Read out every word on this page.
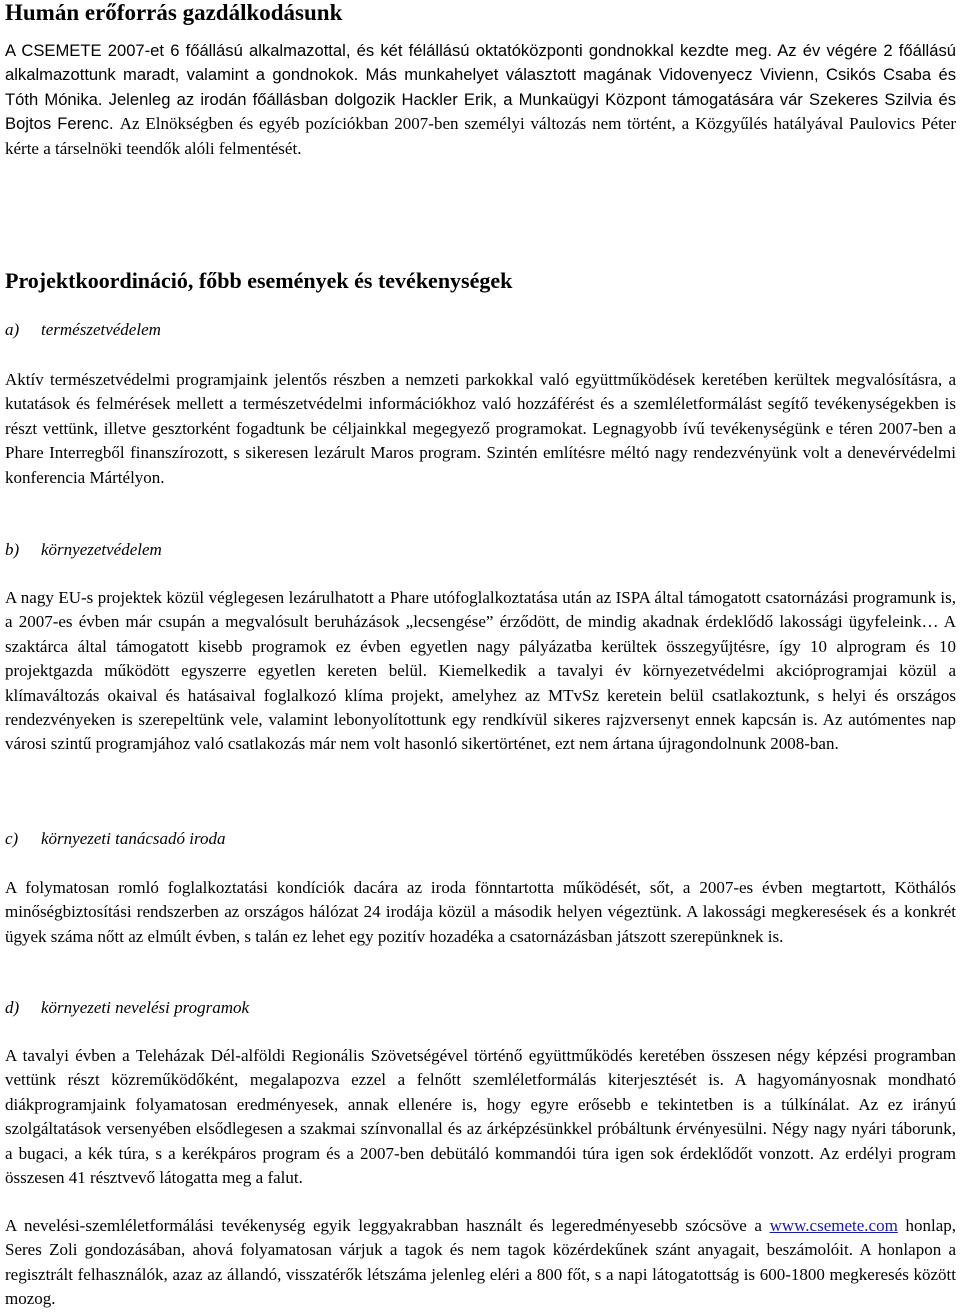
Humán erőforrás gazdálkodásunk

A CSEMETE 2007-et 6 főállású alkalmazottal, és két félállású oktatóközponti gondnokkal kezdte meg. Az év végére 2 főállású alkalmazottunk maradt, valamint a gondnokok. Más munkahelyet választott magának Vidovenyecz Vivienn, Csikós Csaba és Tóth Mónika. Jelenleg az irodán főállásban dolgozik Hackler Erik, a Munkaügyi Központ támogatására vár Szekeres Szilvia és Bojtos Ferenc. Az Elnökségben és egyéb pozíciókban 2007-ben személyi változás nem történt, a Közgyűlés hatályával Paulovics Péter kérte a társelnöki teendők alóli felmentését.

Projektkoordináció, főbb események és tevékenységek
a) természetvédelem

Aktív természetvédelmi programjaink jelentős részben a nemzeti parkokkal való együttműködések keretében kerültek megvalósításra, a kutatások és felmérések mellett a természetvédelmi információkhoz való hozzáférést és a szemléletformálást segítő tevékenységekben is részt vettünk, illetve gesztorként fogadtunk be céljainkkal megegyező programokat. Legnagyobb ívű tevékenységünk e téren 2007-ben a Phare Interregből finanszírozott, s sikeresen lezárult Maros program. Szintén említésre méltó nagy rendezvényünk volt a denevérvédelmi konferencia Mártélyon.

b) környezetvédelem

A nagy EU-s projektek közül véglegesen lezárulhatott a Phare utófoglalkoztatása után az ISPA által támogatott csatornázási programunk is, a 2007-es évben már csupán a megvalósult beruházások „lecsengése” érződött, de mindig akadnak érdeklődő lakossági ügyfeleink… A szaktárca által támogatott kisebb programok ez évben egyetlen nagy pályázatba kerültek összegyűjtésre, így 10 alprogram és 10 projektgazda működött egyszerre egyetlen kereten belül. Kiemelkedik a tavalyi év környezetvédelmi akcióprogramjai közül a klímaváltozás okaival és hatásaival foglalkozó klíma projekt, amelyhez az MTvSz keretein belül csatlakoztunk, s helyi és országos rendezvényeken is szerepeltünk vele, valamint lebonyolítottunk egy rendkívül sikeres rajzversenyt ennek kapcsán is. Az autómentes nap városi szintű programjához való csatlakozás már nem volt hasonló sikertörténet, ezt nem ártana újragondolnunk 2008-ban.

c) környezeti tanácsadó iroda

A folymatosan romló foglalkoztatási kondíciók dacára az iroda fönntartotta működését, sőt, a 2007-es évben megtartott, Köthálós minőségbiztosítási rendszerben az országos hálózat 24 irodája közül a második helyen végeztünk. A lakossági megkeresések és a konkrét ügyek száma nőtt az elmúlt évben, s talán ez lehet egy pozitív hozadéka a csatornázásban játszott szerepünknek is.

d) környezeti nevelési programok

A tavalyi évben a Teleházak Dél-alföldi Regionális Szövetségével történő együttműködés keretében összesen négy képzési programban vettünk részt közreműködőként, megalapozva ezzel a felnőtt szemléletformálás kiterjesztését is. A hagyományosnak mondható diákprogramjaink folyamatosan eredményesek, annak ellenére is, hogy egyre erősebb e tekintetben is a túlkínálat. Az ez irányú szolgáltatások versenyében elsődlegesen a szakmai színvonallal és az árképzésünkkel próbáltunk érvényesülni. Négy nagy nyári táborunk, a bugaci, a kék túra, s a kerékpáros program és a 2007-ben debütáló kommandói túra igen sok érdeklődőt vonzott. Az erdélyi program összesen 41 résztvevő látogatta meg a falut.

A nevelési-szemléletformálási tevékenység egyik leggyakrabban használt és legeredményesebb szócsöve a www.csemete.com honlap, Seres Zoli gondozásában, ahová folyamatosan várjuk a tagok és nem tagok közérdekűnek szánt anyagait, beszámolóit. A honlapon a regisztrált felhasználók, azaz az állandó, visszatérők létszáma jelenleg eléri a 800 főt, s a napi látogatottság is 600-1800 megkeresés között mozog.
